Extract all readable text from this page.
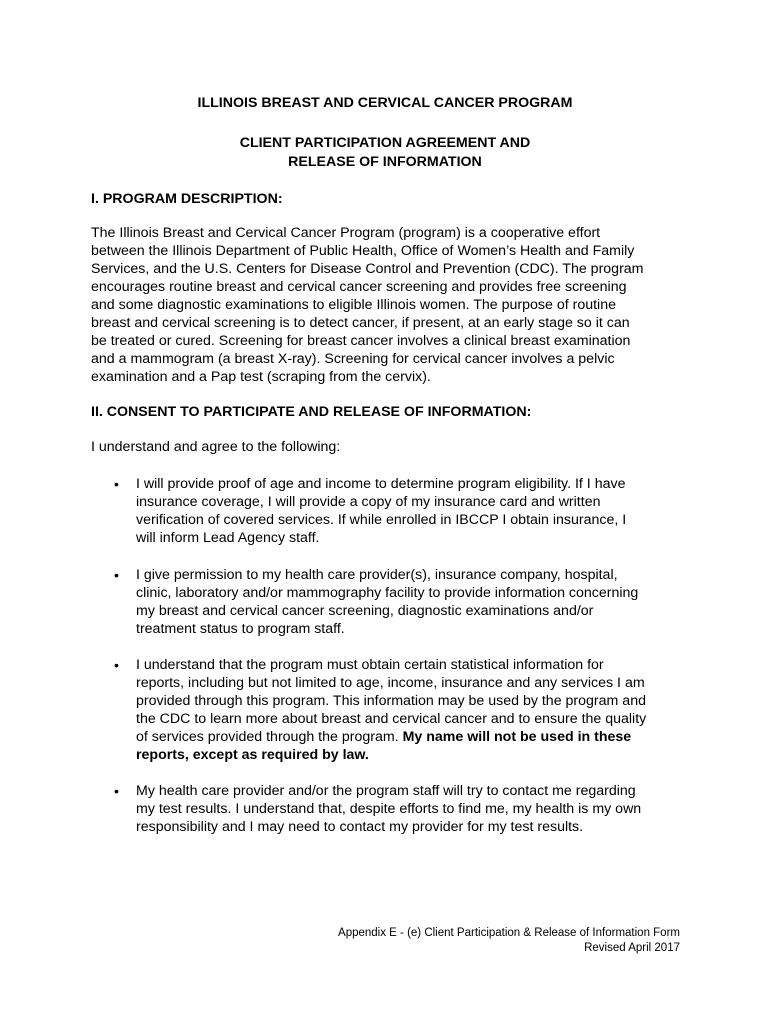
ILLINOIS BREAST AND CERVICAL CANCER PROGRAM
CLIENT PARTICIPATION AGREEMENT AND
RELEASE OF INFORMATION
I. PROGRAM DESCRIPTION:
The Illinois Breast and Cervical Cancer Program (program) is a cooperative effort
between the Illinois Department of Public Health, Office of Women’s Health and Family
Services, and the U.S. Centers for Disease Control and Prevention (CDC). The program
encourages routine breast and cervical cancer screening and provides free screening
and some diagnostic examinations to eligible Illinois women. The purpose of routine
breast and cervical screening is to detect cancer, if present, at an early stage so it can
be treated or cured. Screening for breast cancer involves a clinical breast examination
and a mammogram (a breast X-ray). Screening for cervical cancer involves a pelvic
examination and a Pap test (scraping from the cervix).
II. CONSENT TO PARTICIPATE AND RELEASE OF INFORMATION:
I understand and agree to the following:
• I will provide proof of age and income to determine program eligibility. If I have
insurance coverage, I will provide a copy of my insurance card and written
verification of covered services. If while enrolled in IBCCP I obtain insurance, I
will inform Lead Agency staff.
• I give permission to my health care provider(s), insurance company, hospital,
clinic, laboratory and/or mammography facility to provide information concerning
my breast and cervical cancer screening, diagnostic examinations and/or
treatment status to program staff.
• I understand that the program must obtain certain statistical information for
reports, including but not limited to age, income, insurance and any services I am
provided through this program. This information may be used by the program and
the CDC to learn more about breast and cervical cancer and to ensure the quality
of services provided through the program. My name will not be used in these
reports, except as required by law.
• My health care provider and/or the program staff will try to contact me regarding
my test results. I understand that, despite efforts to find me, my health is my own
responsibility and I may need to contact my provider for my test results.
Appendix E - (e) Client Participation & Release of Information Form
Revised April 2017
